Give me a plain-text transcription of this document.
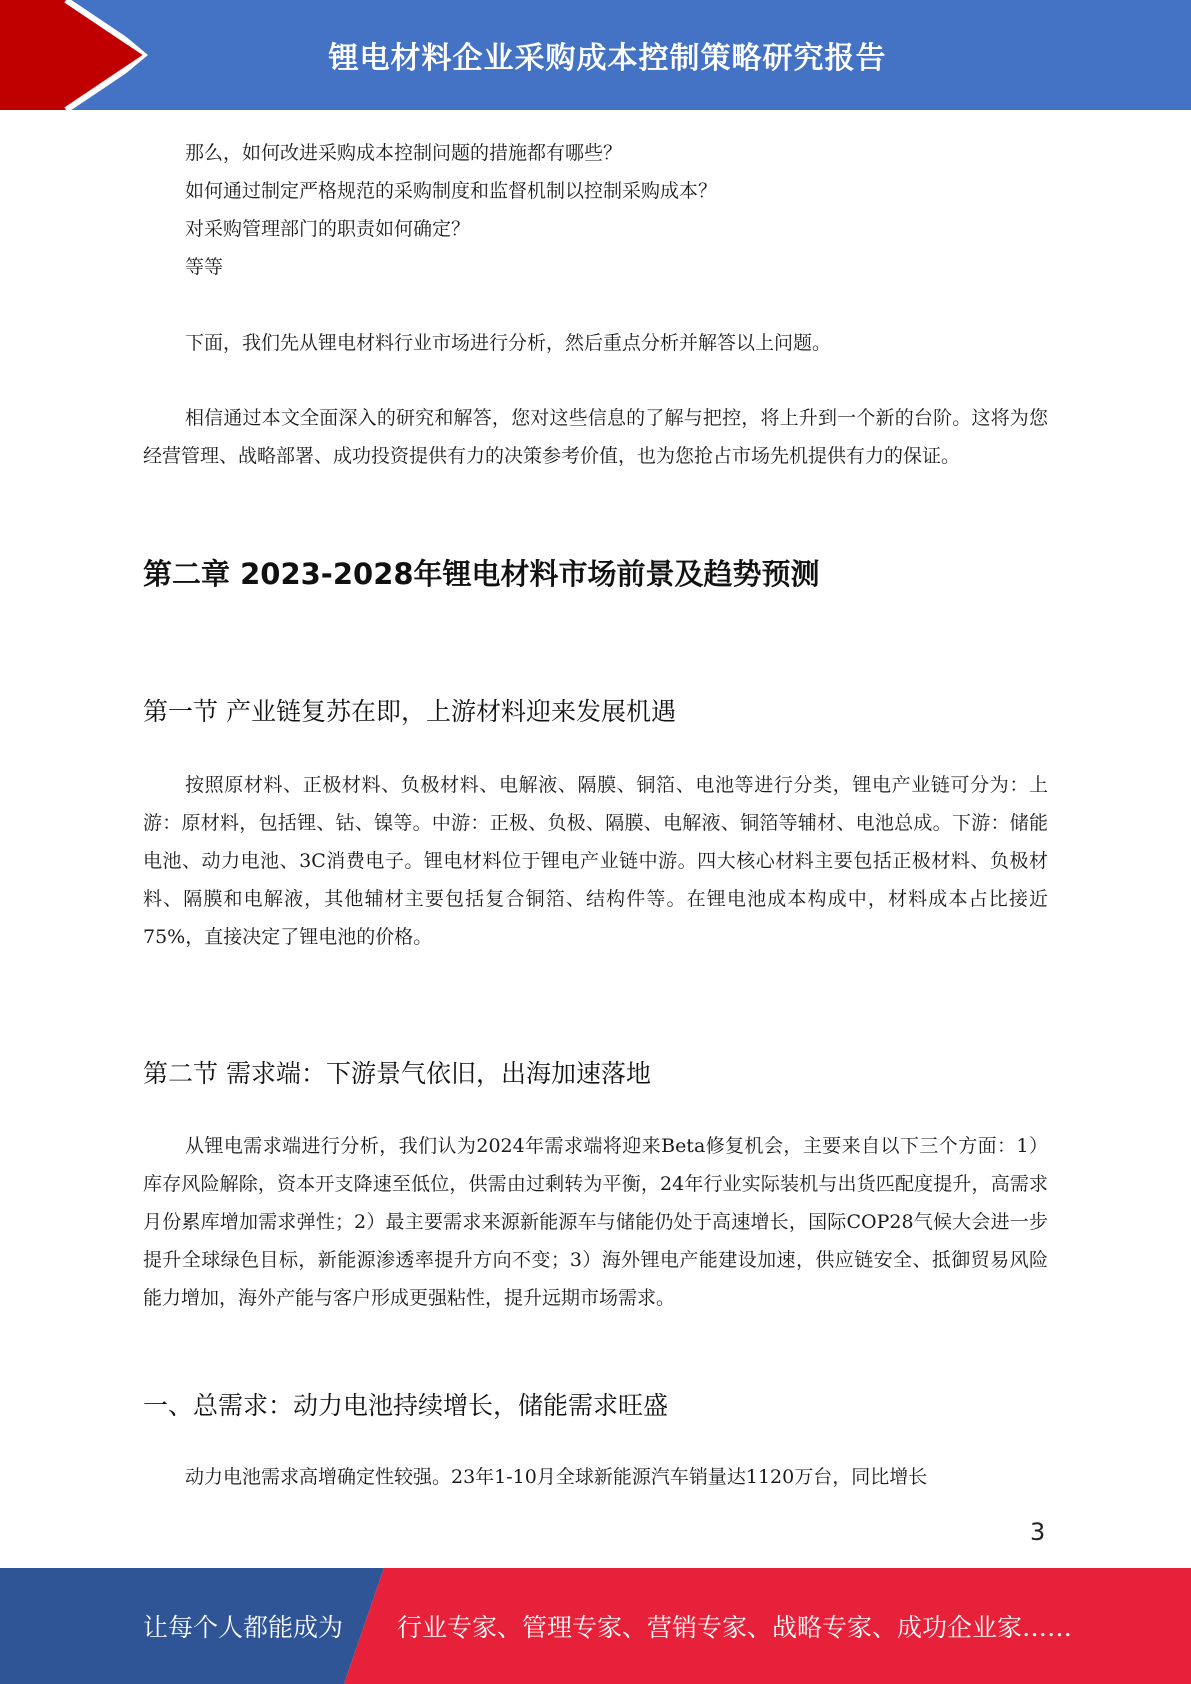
锂电材料企业采购成本控制策略研究报告

那么，如何改进采购成本控制问题的措施都有哪些？

如何通过制定严格规范的采购制度和监督机制以控制采购成本？

对采购管理部门的职责如何确定？

等等

下面，我们先从锂电材料行业市场进行分析，然后重点分析并解答以上问题。

相信通过本文全面深入的研究和解答，您对这些信息的了解与把控，将上升到一个新的台阶。这将为您经营管理、战略部署、成功投资提供有力的决策参考价值，也为您抢占市场先机提供有力的保证。

第二章 2023-2028年锂电材料市场前景及趋势预测
第一节 产业链复苏在即，上游材料迎来发展机遇

按照原材料、正极材料、负极材料、电解液、隔膜、铜箔、电池等进行分类，锂电产业链可分为：上游：原材料，包括锂、钴、镍等。中游：正极、负极、隔膜、电解液、铜箔等辅材、电池总成。下游：储能电池、动力电池、3C消费电子。锂电材料位于锂电产业链中游。四大核心材料主要包括正极材料、负极材料、隔膜和电解液，其他辅材主要包括复合铜箔、结构件等。在锂电池成本构成中，材料成本占比接近75%，直接决定了锂电池的价格。

第二节 需求端：下游景气依旧，出海加速落地

从锂电需求端进行分析，我们认为2024年需求端将迎来Beta修复机会，主要来自以下三个方面：1）库存风险解除，资本开支降速至低位，供需由过剩转为平衡，24年行业实际装机与出货匹配度提升，高需求月份累库增加需求弹性；2）最主要需求来源新能源车与储能仍处于高速增长，国际COP28气候大会进一步提升全球绿色目标，新能源渗透率提升方向不变；3）海外锂电产能建设加速，供应链安全、抵御贸易风险能力增加，海外产能与客户形成更强粘性，提升远期市场需求。

一、总需求：动力电池持续增长，储能需求旺盛

动力电池需求高增确定性较强。23年1-10月全球新能源汽车销量达1120万台，同比增长

3
让每个人都能成为 行业专家、管理专家、营销专家、战略专家、成功企业家……
